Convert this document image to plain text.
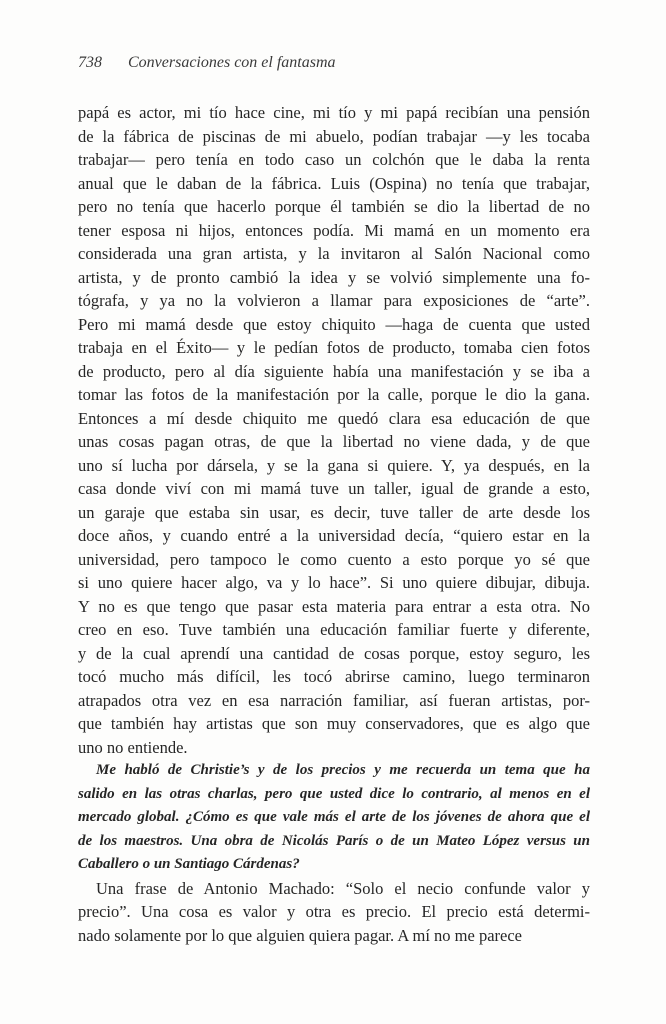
738 Conversaciones con el fantasma
papá es actor, mi tío hace cine, mi tío y mi papá recibían una pensión
de la fábrica de piscinas de mi abuelo, podían trabajar —y les tocaba
trabajar— pero tenía en todo caso un colchón que le daba la renta
anual que le daban de la fábrica. Luis (Ospina) no tenía que trabajar,
pero no tenía que hacerlo porque él también se dio la libertad de no
tener esposa ni hijos, entonces podía. Mi mamá en un momento era
considerada una gran artista, y la invitaron al Salón Nacional como
artista, y de pronto cambió la idea y se volvió simplemente una fo-
tógrafa, y ya no la volvieron a llamar para exposiciones de “arte”.
Pero mi mamá desde que estoy chiquito —haga de cuenta que usted
trabaja en el Éxito— y le pedían fotos de producto, tomaba cien fotos
de producto, pero al día siguiente había una manifestación y se iba a
tomar las fotos de la manifestación por la calle, porque le dio la gana.
Entonces a mí desde chiquito me quedó clara esa educación de que
unas cosas pagan otras, de que la libertad no viene dada, y de que
uno sí lucha por dársela, y se la gana si quiere. Y, ya después, en la
casa donde viví con mi mamá tuve un taller, igual de grande a esto,
un garaje que estaba sin usar, es decir, tuve taller de arte desde los
doce años, y cuando entré a la universidad decía, “quiero estar en la
universidad, pero tampoco le como cuento a esto porque yo sé que
si uno quiere hacer algo, va y lo hace”. Si uno quiere dibujar, dibuja.
Y no es que tengo que pasar esta materia para entrar a esta otra. No
creo en eso. Tuve también una educación familiar fuerte y diferente,
y de la cual aprendí una cantidad de cosas porque, estoy seguro, les
tocó mucho más difícil, les tocó abrirse camino, luego terminaron
atrapados otra vez en esa narración familiar, así fueran artistas, por-
que también hay artistas que son muy conservadores, que es algo que
uno no entiende.
Me habló de Christie’s y de los precios y me recuerda un tema que ha
salido en las otras charlas, pero que usted dice lo contrario, al menos en el
mercado global. ¿Cómo es que vale más el arte de los jóvenes de ahora que el
de los maestros. Una obra de Nicolás París o de un Mateo López versus un
Caballero o un Santiago Cárdenas?
Una frase de Antonio Machado: “Solo el necio confunde valor y
precio”. Una cosa es valor y otra es precio. El precio está determi-
nado solamente por lo que alguien quiera pagar. A mí no me parece
